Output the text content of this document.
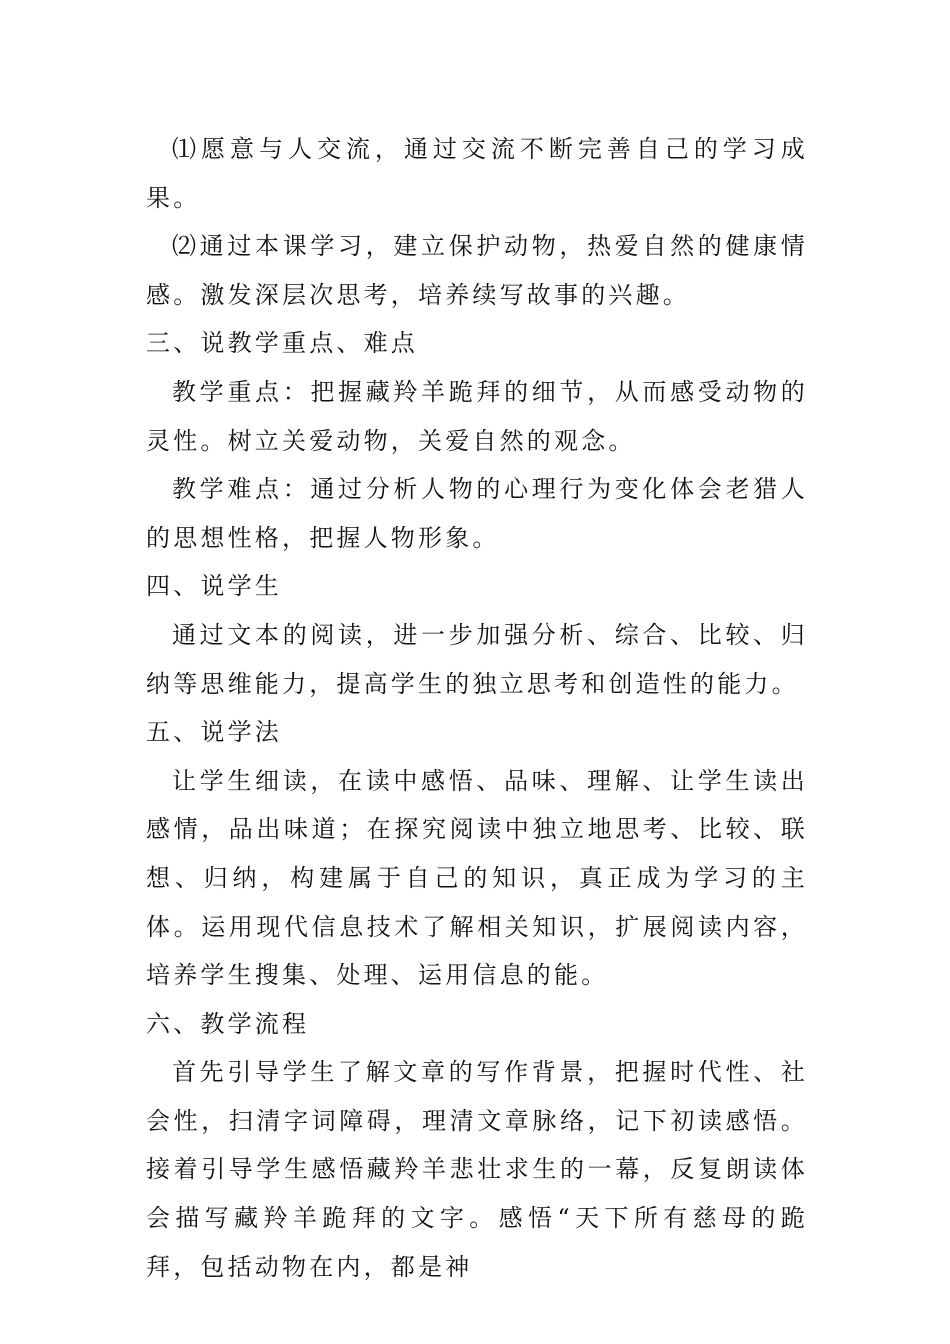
⑴愿意与人交流，通过交流不断完善自己的学习成果。

⑵通过本课学习，建立保护动物，热爱自然的健康情感。激发深层次思考，培养续写故事的兴趣。

三、说教学重点、难点

教学重点：把握藏羚羊跪拜的细节，从而感受动物的灵性。树立关爱动物，关爱自然的观念。

教学难点：通过分析人物的心理行为变化体会老猎人的思想性格，把握人物形象。

四、说学生

通过文本的阅读，进一步加强分析、综合、比较、归纳等思维能力，提高学生的独立思考和创造性的能力。

五、说学法

让学生细读，在读中感悟、品味、理解、让学生读出感情，品出味道；在探究阅读中独立地思考、比较、联想、归纳，构建属于自己的知识，真正成为学习的主体。运用现代信息技术了解相关知识，扩展阅读内容，培养学生搜集、处理、运用信息的能。

六、教学流程

首先引导学生了解文章的写作背景，把握时代性、社会性，扫清字词障碍，理清文章脉络，记下初读感悟。接着引导学生感悟藏羚羊悲壮求生的一幕，反复朗读体会描写藏羚羊跪拜的文字。感悟“天下所有慈母的跪拜，包括动物在内，都是神
